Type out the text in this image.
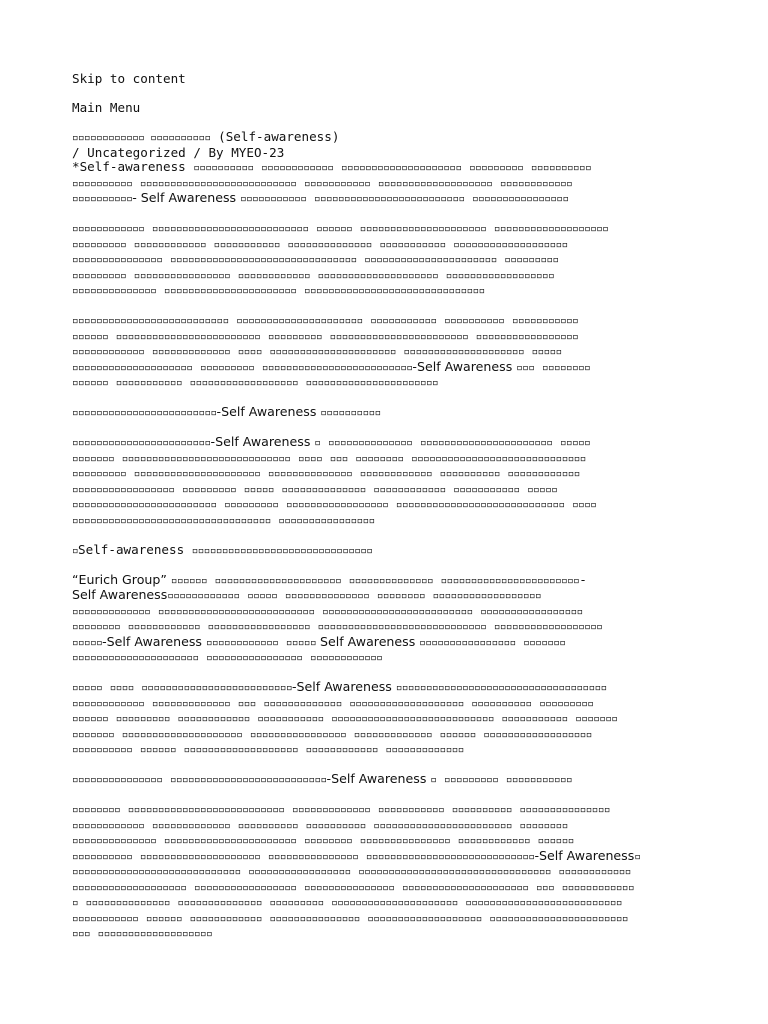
Skip to content

Main Menu

▫▫▫▫▫▫▫▫▫▫▫▫ ▫▫▫▫▫▫▫▫▫▫ (Self-awareness)

/ Uncategorized / By MYEO-23

*Self-awareness ▫▫▫▫▫▫▫▫▫▫ ▫▫▫▫▫▫▫▫▫▫▫▫ ▫▫▫▫▫▫▫▫▫▫▫▫▫▫▫▫▫▫▫▫ ▫▫▫▫▫▫▫▫▫ ▫▫▫▫▫▫▫▫▫▫
▫▫▫▫▫▫▫▫▫▫ ▫▫▫▫▫▫▫▫▫▫▫▫▫▫▫▫▫▫▫▫▫▫▫▫▫▫ ▫▫▫▫▫▫▫▫▫▫▫ ▫▫▫▫▫▫▫▫▫▫▫▫▫▫▫▫▫▫▫ ▫▫▫▫▫▫▫▫▫▫▫▫
▫▫▫▫▫▫▫▫▫▫- Self Awareness ▫▫▫▫▫▫▫▫▫▫▫ ▫▫▫▫▫▫▫▫▫▫▫▫▫▫▫▫▫▫▫▫▫▫▫▫▫ ▫▫▫▫▫▫▫▫▫▫▫▫▫▫▫▫
▫▫▫▫▫▫▫▫▫▫▫▫ ▫▫▫▫▫▫▫▫▫▫▫▫▫▫▫▫▫▫▫▫▫▫▫▫▫▫ ▫▫▫▫▫▫ ▫▫▫▫▫▫▫▫▫▫▫▫▫▫▫▫▫▫▫▫▫ ▫▫▫▫▫▫▫▫▫▫▫▫▫▫▫▫▫▫▫
▫▫▫▫▫▫▫▫▫ ▫▫▫▫▫▫▫▫▫▫▫▫ ▫▫▫▫▫▫▫▫▫▫▫ ▫▫▫▫▫▫▫▫▫▫▫▫▫▫ ▫▫▫▫▫▫▫▫▫▫▫ ▫▫▫▫▫▫▫▫▫▫▫▫▫▫▫▫▫▫▫
▫▫▫▫▫▫▫▫▫▫▫▫▫▫▫ ▫▫▫▫▫▫▫▫▫▫▫▫▫▫▫▫▫▫▫▫▫▫▫▫▫▫▫▫▫▫▫ ▫▫▫▫▫▫▫▫▫▫▫▫▫▫▫▫▫▫▫▫▫▫ ▫▫▫▫▫▫▫▫▫
▫▫▫▫▫▫▫▫▫ ▫▫▫▫▫▫▫▫▫▫▫▫▫▫▫▫ ▫▫▫▫▫▫▫▫▫▫▫▫ ▫▫▫▫▫▫▫▫▫▫▫▫▫▫▫▫▫▫▫▫ ▫▫▫▫▫▫▫▫▫▫▫▫▫▫▫▫▫▫
▫▫▫▫▫▫▫▫▫▫▫▫▫▫ ▫▫▫▫▫▫▫▫▫▫▫▫▫▫▫▫▫▫▫▫▫▫ ▫▫▫▫▫▫▫▫▫▫▫▫▫▫▫▫▫▫▫▫▫▫▫▫▫▫▫▫▫▫
▫▫▫▫▫▫▫▫▫▫▫▫▫▫▫▫▫▫▫▫▫▫▫▫▫▫ ▫▫▫▫▫▫▫▫▫▫▫▫▫▫▫▫▫▫▫▫▫ ▫▫▫▫▫▫▫▫▫▫▫ ▫▫▫▫▫▫▫▫▫▫ ▫▫▫▫▫▫▫▫▫▫▫
▫▫▫▫▫▫ ▫▫▫▫▫▫▫▫▫▫▫▫▫▫▫▫▫▫▫▫▫▫▫▫ ▫▫▫▫▫▫▫▫▫ ▫▫▫▫▫▫▫▫▫▫▫▫▫▫▫▫▫▫▫▫▫▫▫ ▫▫▫▫▫▫▫▫▫▫▫▫▫▫▫▫▫
▫▫▫▫▫▫▫▫▫▫▫▫ ▫▫▫▫▫▫▫▫▫▫▫▫▫ ▫▫▫▫ ▫▫▫▫▫▫▫▫▫▫▫▫▫▫▫▫▫▫▫▫▫ ▫▫▫▫▫▫▫▫▫▫▫▫▫▫▫▫▫▫▫▫ ▫▫▫▫▫
▫▫▫▫▫▫▫▫▫▫▫▫▫▫▫▫▫▫▫▫ ▫▫▫▫▫▫▫▫▫ ▫▫▫▫▫▫▫▫▫▫▫▫▫▫▫▫▫▫▫▫▫▫▫▫▫-Self Awareness ▫▫▫ ▫▫▫▫▫▫▫▫
▫▫▫▫▫▫ ▫▫▫▫▫▫▫▫▫▫▫ ▫▫▫▫▫▫▫▫▫▫▫▫▫▫▫▫▫▫ ▫▫▫▫▫▫▫▫▫▫▫▫▫▫▫▫▫▫▫▫▫▫
▫▫▫▫▫▫▫▫▫▫▫▫▫▫▫▫▫▫▫▫▫▫▫▫-Self Awareness ▫▫▫▫▫▫▫▫▫▫
▫▫▫▫▫▫▫▫▫▫▫▫▫▫▫▫▫▫▫▫▫▫▫-Self Awareness ▫ ▫▫▫▫▫▫▫▫▫▫▫▫▫▫ ▫▫▫▫▫▫▫▫▫▫▫▫▫▫▫▫▫▫▫▫▫▫ ▫▫▫▫▫
▫▫▫▫▫▫▫ ▫▫▫▫▫▫▫▫▫▫▫▫▫▫▫▫▫▫▫▫▫▫▫▫▫▫▫▫ ▫▫▫▫ ▫▫▫ ▫▫▫▫▫▫▫▫ ▫▫▫▫▫▫▫▫▫▫▫▫▫▫▫▫▫▫▫▫▫▫▫▫▫▫▫▫▫
▫▫▫▫▫▫▫▫▫ ▫▫▫▫▫▫▫▫▫▫▫▫▫▫▫▫▫▫▫▫▫ ▫▫▫▫▫▫▫▫▫▫▫▫▫▫ ▫▫▫▫▫▫▫▫▫▫▫▫ ▫▫▫▫▫▫▫▫▫▫ ▫▫▫▫▫▫▫▫▫▫▫▫
▫▫▫▫▫▫▫▫▫▫▫▫▫▫▫▫▫ ▫▫▫▫▫▫▫▫▫ ▫▫▫▫▫ ▫▫▫▫▫▫▫▫▫▫▫▫▫▫ ▫▫▫▫▫▫▫▫▫▫▫▫ ▫▫▫▫▫▫▫▫▫▫▫ ▫▫▫▫▫
▫▫▫▫▫▫▫▫▫▫▫▫▫▫▫▫▫▫▫▫▫▫▫▫ ▫▫▫▫▫▫▫▫▫ ▫▫▫▫▫▫▫▫▫▫▫▫▫▫▫▫▫ ▫▫▫▫▫▫▫▫▫▫▫▫▫▫▫▫▫▫▫▫▫▫▫▫▫▫▫▫ ▫▫▫▫
▫▫▫▫▫▫▫▫▫▫▫▫▫▫▫▫▫▫▫▫▫▫▫▫▫▫▫▫▫▫▫▫▫ ▫▫▫▫▫▫▫▫▫▫▫▫▫▫▫▫
▫Self-awareness ▫▫▫▫▫▫▫▫▫▫▫▫▫▫▫▫▫▫▫▫▫▫▫▫▫▫▫▫▫▫
“Eurich Group” ▫▫▫▫▫▫ ▫▫▫▫▫▫▫▫▫▫▫▫▫▫▫▫▫▫▫▫▫ ▫▫▫▫▫▫▫▫▫▫▫▫▫▫ ▫▫▫▫▫▫▫▫▫▫▫▫▫▫▫▫▫▫▫▫▫▫▫-
Self Awareness▫▫▫▫▫▫▫▫▫▫▫▫ ▫▫▫▫▫ ▫▫▫▫▫▫▫▫▫▫▫▫▫▫ ▫▫▫▫▫▫▫▫ ▫▫▫▫▫▫▫▫▫▫▫▫▫▫▫▫▫▫
▫▫▫▫▫▫▫▫▫▫▫▫▫ ▫▫▫▫▫▫▫▫▫▫▫▫▫▫▫▫▫▫▫▫▫▫▫▫▫▫ ▫▫▫▫▫▫▫▫▫▫▫▫▫▫▫▫▫▫▫▫▫▫▫▫▫ ▫▫▫▫▫▫▫▫▫▫▫▫▫▫▫▫▫
▫▫▫▫▫▫▫▫ ▫▫▫▫▫▫▫▫▫▫▫▫ ▫▫▫▫▫▫▫▫▫▫▫▫▫▫▫▫▫ ▫▫▫▫▫▫▫▫▫▫▫▫▫▫▫▫▫▫▫▫▫▫▫▫▫▫▫▫ ▫▫▫▫▫▫▫▫▫▫▫▫▫▫▫▫▫▫
▫▫▫▫▫-Self Awareness ▫▫▫▫▫▫▫▫▫▫▫▫ ▫▫▫▫▫ Self Awareness ▫▫▫▫▫▫▫▫▫▫▫▫▫▫▫▫ ▫▫▫▫▫▫▫
▫▫▫▫▫▫▫▫▫▫▫▫▫▫▫▫▫▫▫▫▫ ▫▫▫▫▫▫▫▫▫▫▫▫▫▫▫▫ ▫▫▫▫▫▫▫▫▫▫▫▫
▫▫▫▫▫ ▫▫▫▫ ▫▫▫▫▫▫▫▫▫▫▫▫▫▫▫▫▫▫▫▫▫▫▫▫▫-Self Awareness ▫▫▫▫▫▫▫▫▫▫▫▫▫▫▫▫▫▫▫▫▫▫▫▫▫▫▫▫▫▫▫▫▫▫▫
▫▫▫▫▫▫▫▫▫▫▫▫ ▫▫▫▫▫▫▫▫▫▫▫▫▫ ▫▫▫ ▫▫▫▫▫▫▫▫▫▫▫▫▫ ▫▫▫▫▫▫▫▫▫▫▫▫▫▫▫▫▫▫▫ ▫▫▫▫▫▫▫▫▫▫ ▫▫▫▫▫▫▫▫▫
▫▫▫▫▫▫ ▫▫▫▫▫▫▫▫▫ ▫▫▫▫▫▫▫▫▫▫▫▫ ▫▫▫▫▫▫▫▫▫▫▫ ▫▫▫▫▫▫▫▫▫▫▫▫▫▫▫▫▫▫▫▫▫▫▫▫▫▫▫ ▫▫▫▫▫▫▫▫▫▫▫ ▫▫▫▫▫▫▫
▫▫▫▫▫▫▫ ▫▫▫▫▫▫▫▫▫▫▫▫▫▫▫▫▫▫▫▫ ▫▫▫▫▫▫▫▫▫▫▫▫▫▫▫▫ ▫▫▫▫▫▫▫▫▫▫▫▫▫ ▫▫▫▫▫▫ ▫▫▫▫▫▫▫▫▫▫▫▫▫▫▫▫▫▫
▫▫▫▫▫▫▫▫▫▫ ▫▫▫▫▫▫ ▫▫▫▫▫▫▫▫▫▫▫▫▫▫▫▫▫▫▫ ▫▫▫▫▫▫▫▫▫▫▫▫ ▫▫▫▫▫▫▫▫▫▫▫▫▫
▫▫▫▫▫▫▫▫▫▫▫▫▫▫▫ ▫▫▫▫▫▫▫▫▫▫▫▫▫▫▫▫▫▫▫▫▫▫▫▫▫▫-Self Awareness ▫ ▫▫▫▫▫▫▫▫▫ ▫▫▫▫▫▫▫▫▫▫▫
▫▫▫▫▫▫▫▫ ▫▫▫▫▫▫▫▫▫▫▫▫▫▫▫▫▫▫▫▫▫▫▫▫▫▫ ▫▫▫▫▫▫▫▫▫▫▫▫▫ ▫▫▫▫▫▫▫▫▫▫▫ ▫▫▫▫▫▫▫▫▫▫ ▫▫▫▫▫▫▫▫▫▫▫▫▫▫▫
▫▫▫▫▫▫▫▫▫▫▫▫ ▫▫▫▫▫▫▫▫▫▫▫▫▫ ▫▫▫▫▫▫▫▫▫▫ ▫▫▫▫▫▫▫▫▫▫ ▫▫▫▫▫▫▫▫▫▫▫▫▫▫▫▫▫▫▫▫▫▫▫ ▫▫▫▫▫▫▫▫
▫▫▫▫▫▫▫▫▫▫▫▫▫▫ ▫▫▫▫▫▫▫▫▫▫▫▫▫▫▫▫▫▫▫▫▫▫ ▫▫▫▫▫▫▫▫ ▫▫▫▫▫▫▫▫▫▫▫▫▫▫▫ ▫▫▫▫▫▫▫▫▫▫▫▫ ▫▫▫▫▫▫
▫▫▫▫▫▫▫▫▫▫ ▫▫▫▫▫▫▫▫▫▫▫▫▫▫▫▫▫▫▫▫ ▫▫▫▫▫▫▫▫▫▫▫▫▫▫▫ ▫▫▫▫▫▫▫▫▫▫▫▫▫▫▫▫▫▫▫▫▫▫▫▫▫▫▫▫-Self Awareness▫
▫▫▫▫▫▫▫▫▫▫▫▫▫▫▫▫▫▫▫▫▫▫▫▫▫▫▫▫ ▫▫▫▫▫▫▫▫▫▫▫▫▫▫▫▫▫ ▫▫▫▫▫▫▫▫▫▫▫▫▫▫▫▫▫▫▫▫▫▫▫▫▫▫▫▫▫▫▫▫ ▫▫▫▫▫▫▫▫▫▫▫▫
▫▫▫▫▫▫▫▫▫▫▫▫▫▫▫▫▫▫▫ ▫▫▫▫▫▫▫▫▫▫▫▫▫▫▫▫▫ ▫▫▫▫▫▫▫▫▫▫▫▫▫▫▫ ▫▫▫▫▫▫▫▫▫▫▫▫▫▫▫▫▫▫▫▫▫ ▫▫▫ ▫▫▫▫▫▫▫▫▫▫▫▫
▫ ▫▫▫▫▫▫▫▫▫▫▫▫▫▫ ▫▫▫▫▫▫▫▫▫▫▫▫▫▫ ▫▫▫▫▫▫▫▫▫ ▫▫▫▫▫▫▫▫▫▫▫▫▫▫▫▫▫▫▫▫▫ ▫▫▫▫▫▫▫▫▫▫▫▫▫▫▫▫▫▫▫▫▫▫▫▫▫▫
▫▫▫▫▫▫▫▫▫▫▫ ▫▫▫▫▫▫ ▫▫▫▫▫▫▫▫▫▫▫▫ ▫▫▫▫▫▫▫▫▫▫▫▫▫▫▫ ▫▫▫▫▫▫▫▫▫▫▫▫▫▫▫▫▫▫▫ ▫▫▫▫▫▫▫▫▫▫▫▫▫▫▫▫▫▫▫▫▫▫▫
▫▫▫ ▫▫▫▫▫▫▫▫▫▫▫▫▫▫▫▫▫▫▫
